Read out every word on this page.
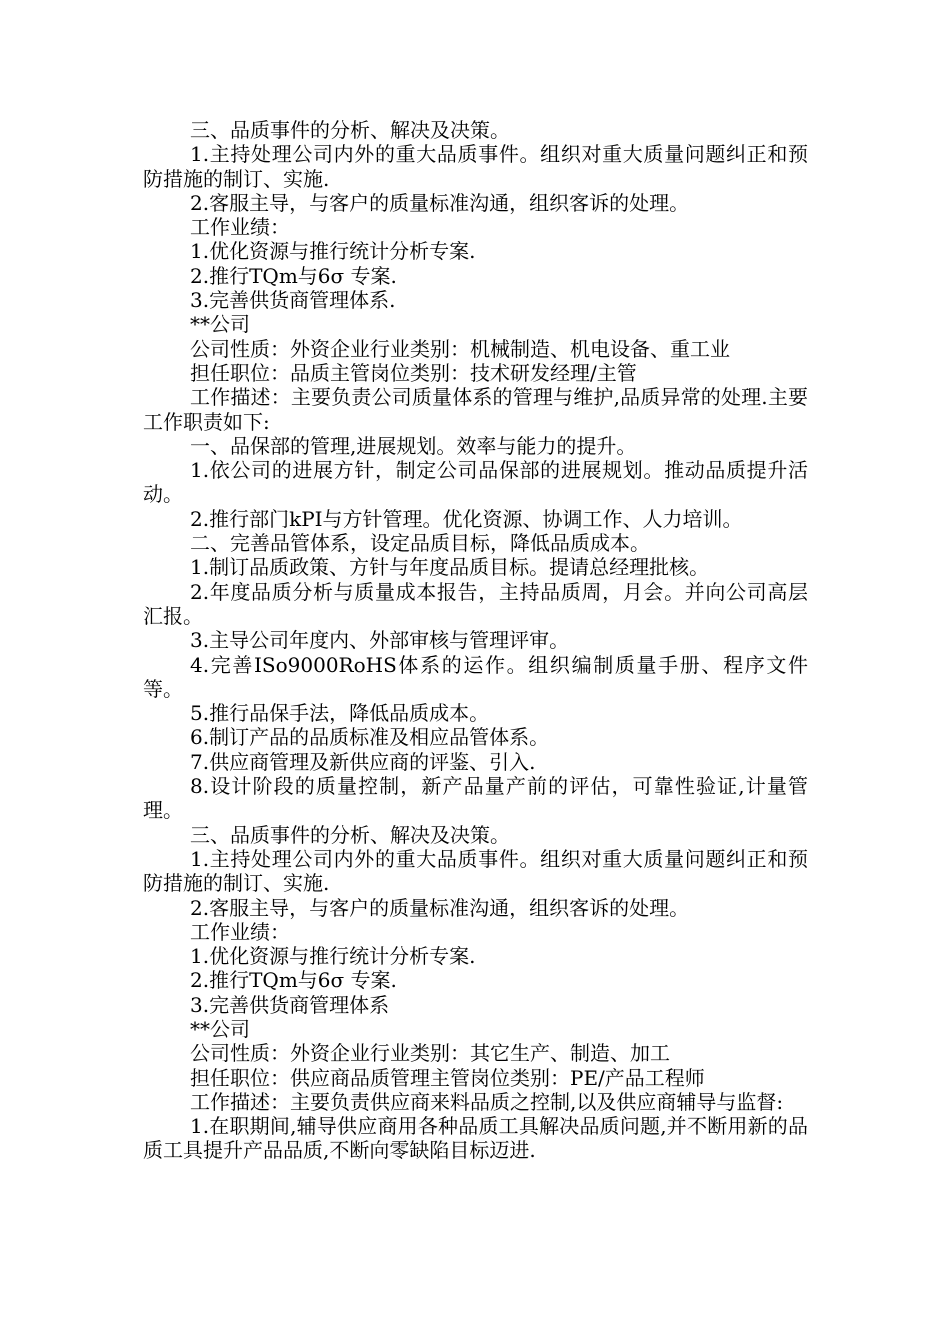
三、品质事件的分析、解决及决策。

1.主持处理公司内外的重大品质事件。组织对重大质量问题纠正和预防措施的制订、实施.

2.客服主导，与客户的质量标准沟通，组织客诉的处理。

工作业绩：

1.优化资源与推行统计分析专案.

2.推行TQm与6σ 专案.

3.完善供货商管理体系.

**公司

公司性质：外资企业行业类别：机械制造、机电设备、重工业

担任职位：品质主管岗位类别：技术研发经理/主管

工作描述：主要负责公司质量体系的管理与维护,品质异常的处理.主要工作职责如下:

一、品保部的管理,进展规划。效率与能力的提升。

1.依公司的进展方针，制定公司品保部的进展规划。推动品质提升活动。

2.推行部门kPI与方针管理。优化资源、协调工作、人力培训。

二、完善品管体系，设定品质目标，降低品质成本。

1.制订品质政策、方针与年度品质目标。提请总经理批核。

2.年度品质分析与质量成本报告，主持品质周，月会。并向公司高层汇报。

3.主导公司年度内、外部审核与管理评审。

4.完善ISo9000RoHS体系的运作。组织编制质量手册、程序文件等。

5.推行品保手法，降低品质成本。

6.制订产品的品质标准及相应品管体系。

7.供应商管理及新供应商的评鉴、引入.

8.设计阶段的质量控制，新产品量产前的评估，可靠性验证,计量管理。

三、品质事件的分析、解决及决策。

1.主持处理公司内外的重大品质事件。组织对重大质量问题纠正和预防措施的制订、实施.

2.客服主导，与客户的质量标准沟通，组织客诉的处理。

工作业绩：

1.优化资源与推行统计分析专案.

2.推行TQm与6σ 专案.

3.完善供货商管理体系

**公司

公司性质：外资企业行业类别：其它生产、制造、加工

担任职位：供应商品质管理主管岗位类别：PE/产品工程师

工作描述：主要负责供应商来料品质之控制,以及供应商辅导与监督:

1.在职期间,辅导供应商用各种品质工具解决品质问题,并不断用新的品质工具提升产品品质,不断向零缺陷目标迈进.
